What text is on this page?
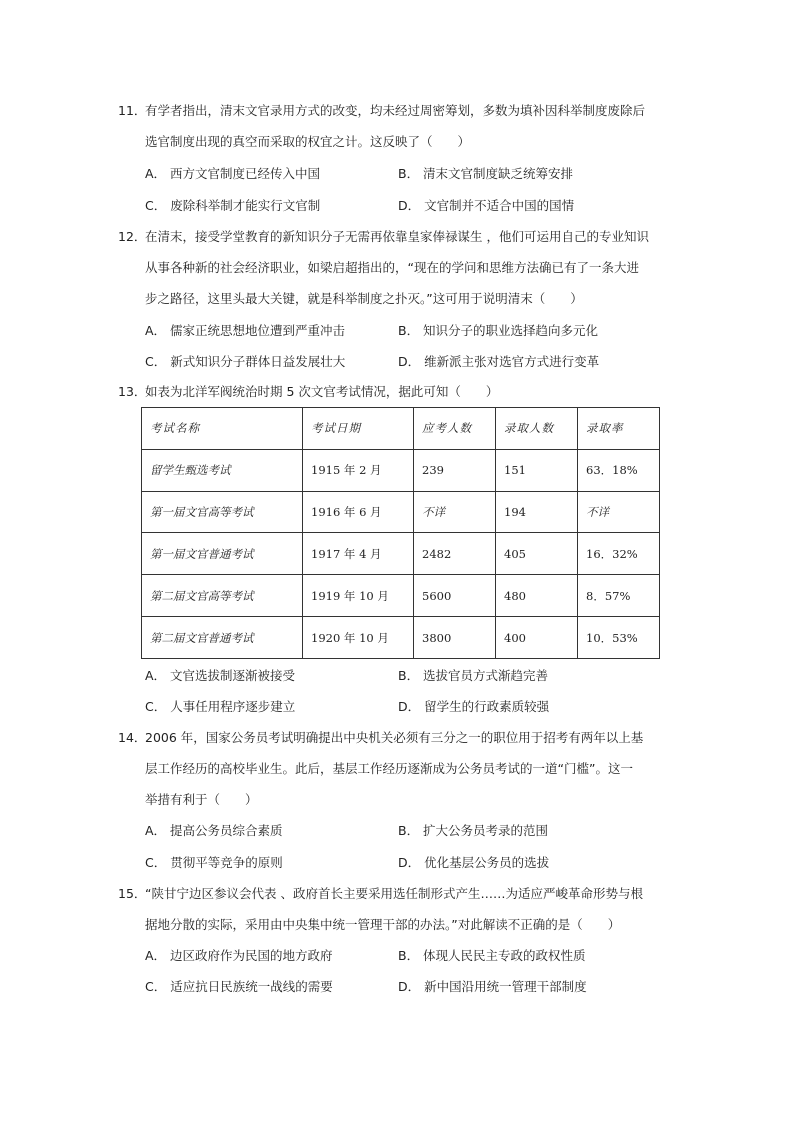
11．
有学者指出，清末文官录用方式的改变，均未经过周密筹划，多数为填补因科举制度废除后
选官制度出现的真空而采取的权宜之计。这反映了（　　）
A． 西方文官制度已经传入中国	B． 清末文官制度缺乏统筹安排
C． 废除科举制才能实行文官制	D． 文官制并不适合中国的国情
12．
在清末，接受学堂教育的新知识分子无需再依靠皇家俸禄谋生 ，他们可运用自己的专业知识
从事各种新的社会经济职业，如梁启超指出的，“现在的学问和思维方法确已有了一条大进
步之路径，这里头最大关键，就是科举制度之扑灭。”这可用于说明清末（　　）
A． 儒家正统思想地位遭到严重冲击	B． 知识分子的职业选择趋向多元化
C． 新式知识分子群体日益发展壮大	D． 维新派主张对选官方式进行变革
13．
如表为北洋军阀统治时期 5 次文官考试情况，据此可知（　　）
考试名称	考试日期	应考人数	录取人数	录取率
留学生甄选考试	1915 年 2 月	239	151	63．18%
第一届文官高等考试	1916 年 6 月	不详	194	不详
第一届文官普通考试	1917 年 4 月	2482	405	16．32%
第二届文官高等考试	1919 年 10 月	5600	480	8．57%
第二届文官普通考试	1920 年 10 月	3800	400	10．53%
A． 文官选拔制逐渐被接受	B． 选拔官员方式渐趋完善
C． 人事任用程序逐步建立	D． 留学生的行政素质较强
14．
2006 年，国家公务员考试明确提出中央机关必须有三分之一的职位用于招考有两年以上基
层工作经历的高校毕业生。此后，基层工作经历逐渐成为公务员考试的一道“门槛”。这一
举措有利于（　　）
A． 提高公务员综合素质	B． 扩大公务员考录的范围
C． 贯彻平等竞争的原则	D． 优化基层公务员的选拔
15．
“陕甘宁边区参议会代表 、政府首长主要采用选任制形式产生……为适应严峻革命形势与根
据地分散的实际，采用由中央集中统一管理干部的办法。”对此解读不正确的是（　　）
A． 边区政府作为民国的地方政府	B． 体现人民民主专政的政权性质
C． 适应抗日民族统一战线的需要	D． 新中国沿用统一管理干部制度
